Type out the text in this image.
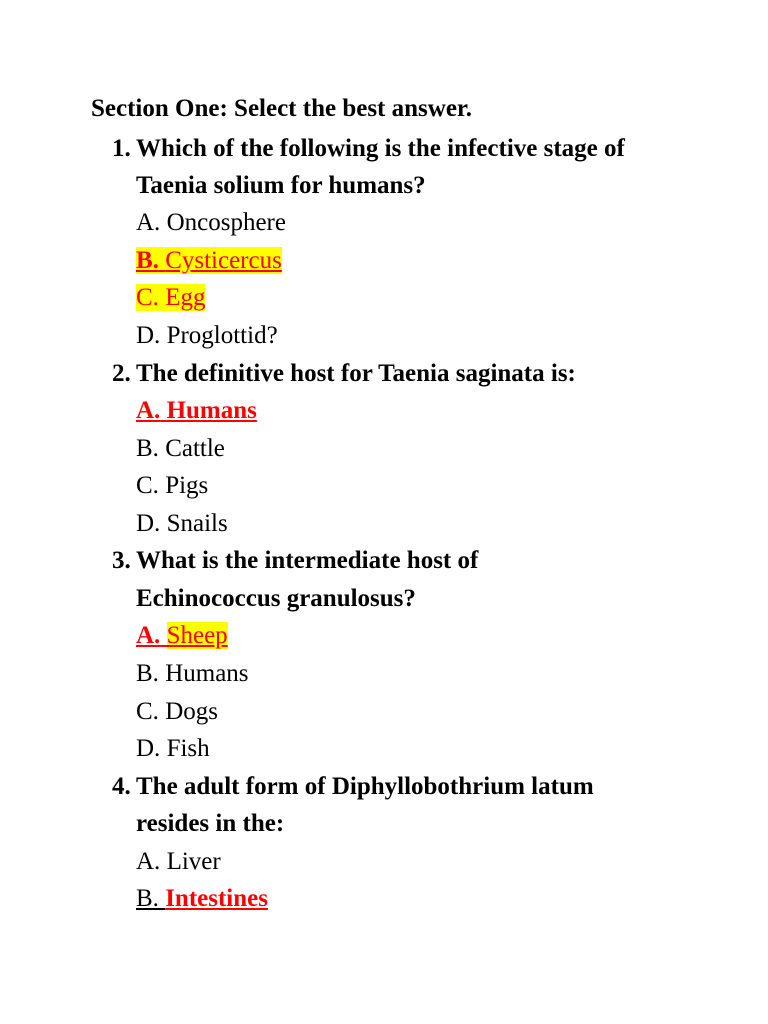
Section One: Select the best answer.
1. Which of the following is the infective stage of
Taenia solium for humans?
A. Oncosphere
B. Cysticercus
C. Egg
D. Proglottid?
2. The definitive host for Taenia saginata is:
A. Humans
B. Cattle
C. Pigs
D. Snails
3. What is the intermediate host of
Echinococcus granulosus?
A. Sheep
B. Humans
C. Dogs
D. Fish
4. The adult form of Diphyllobothrium latum
resides in the:
A. Liver
B. Intestines
